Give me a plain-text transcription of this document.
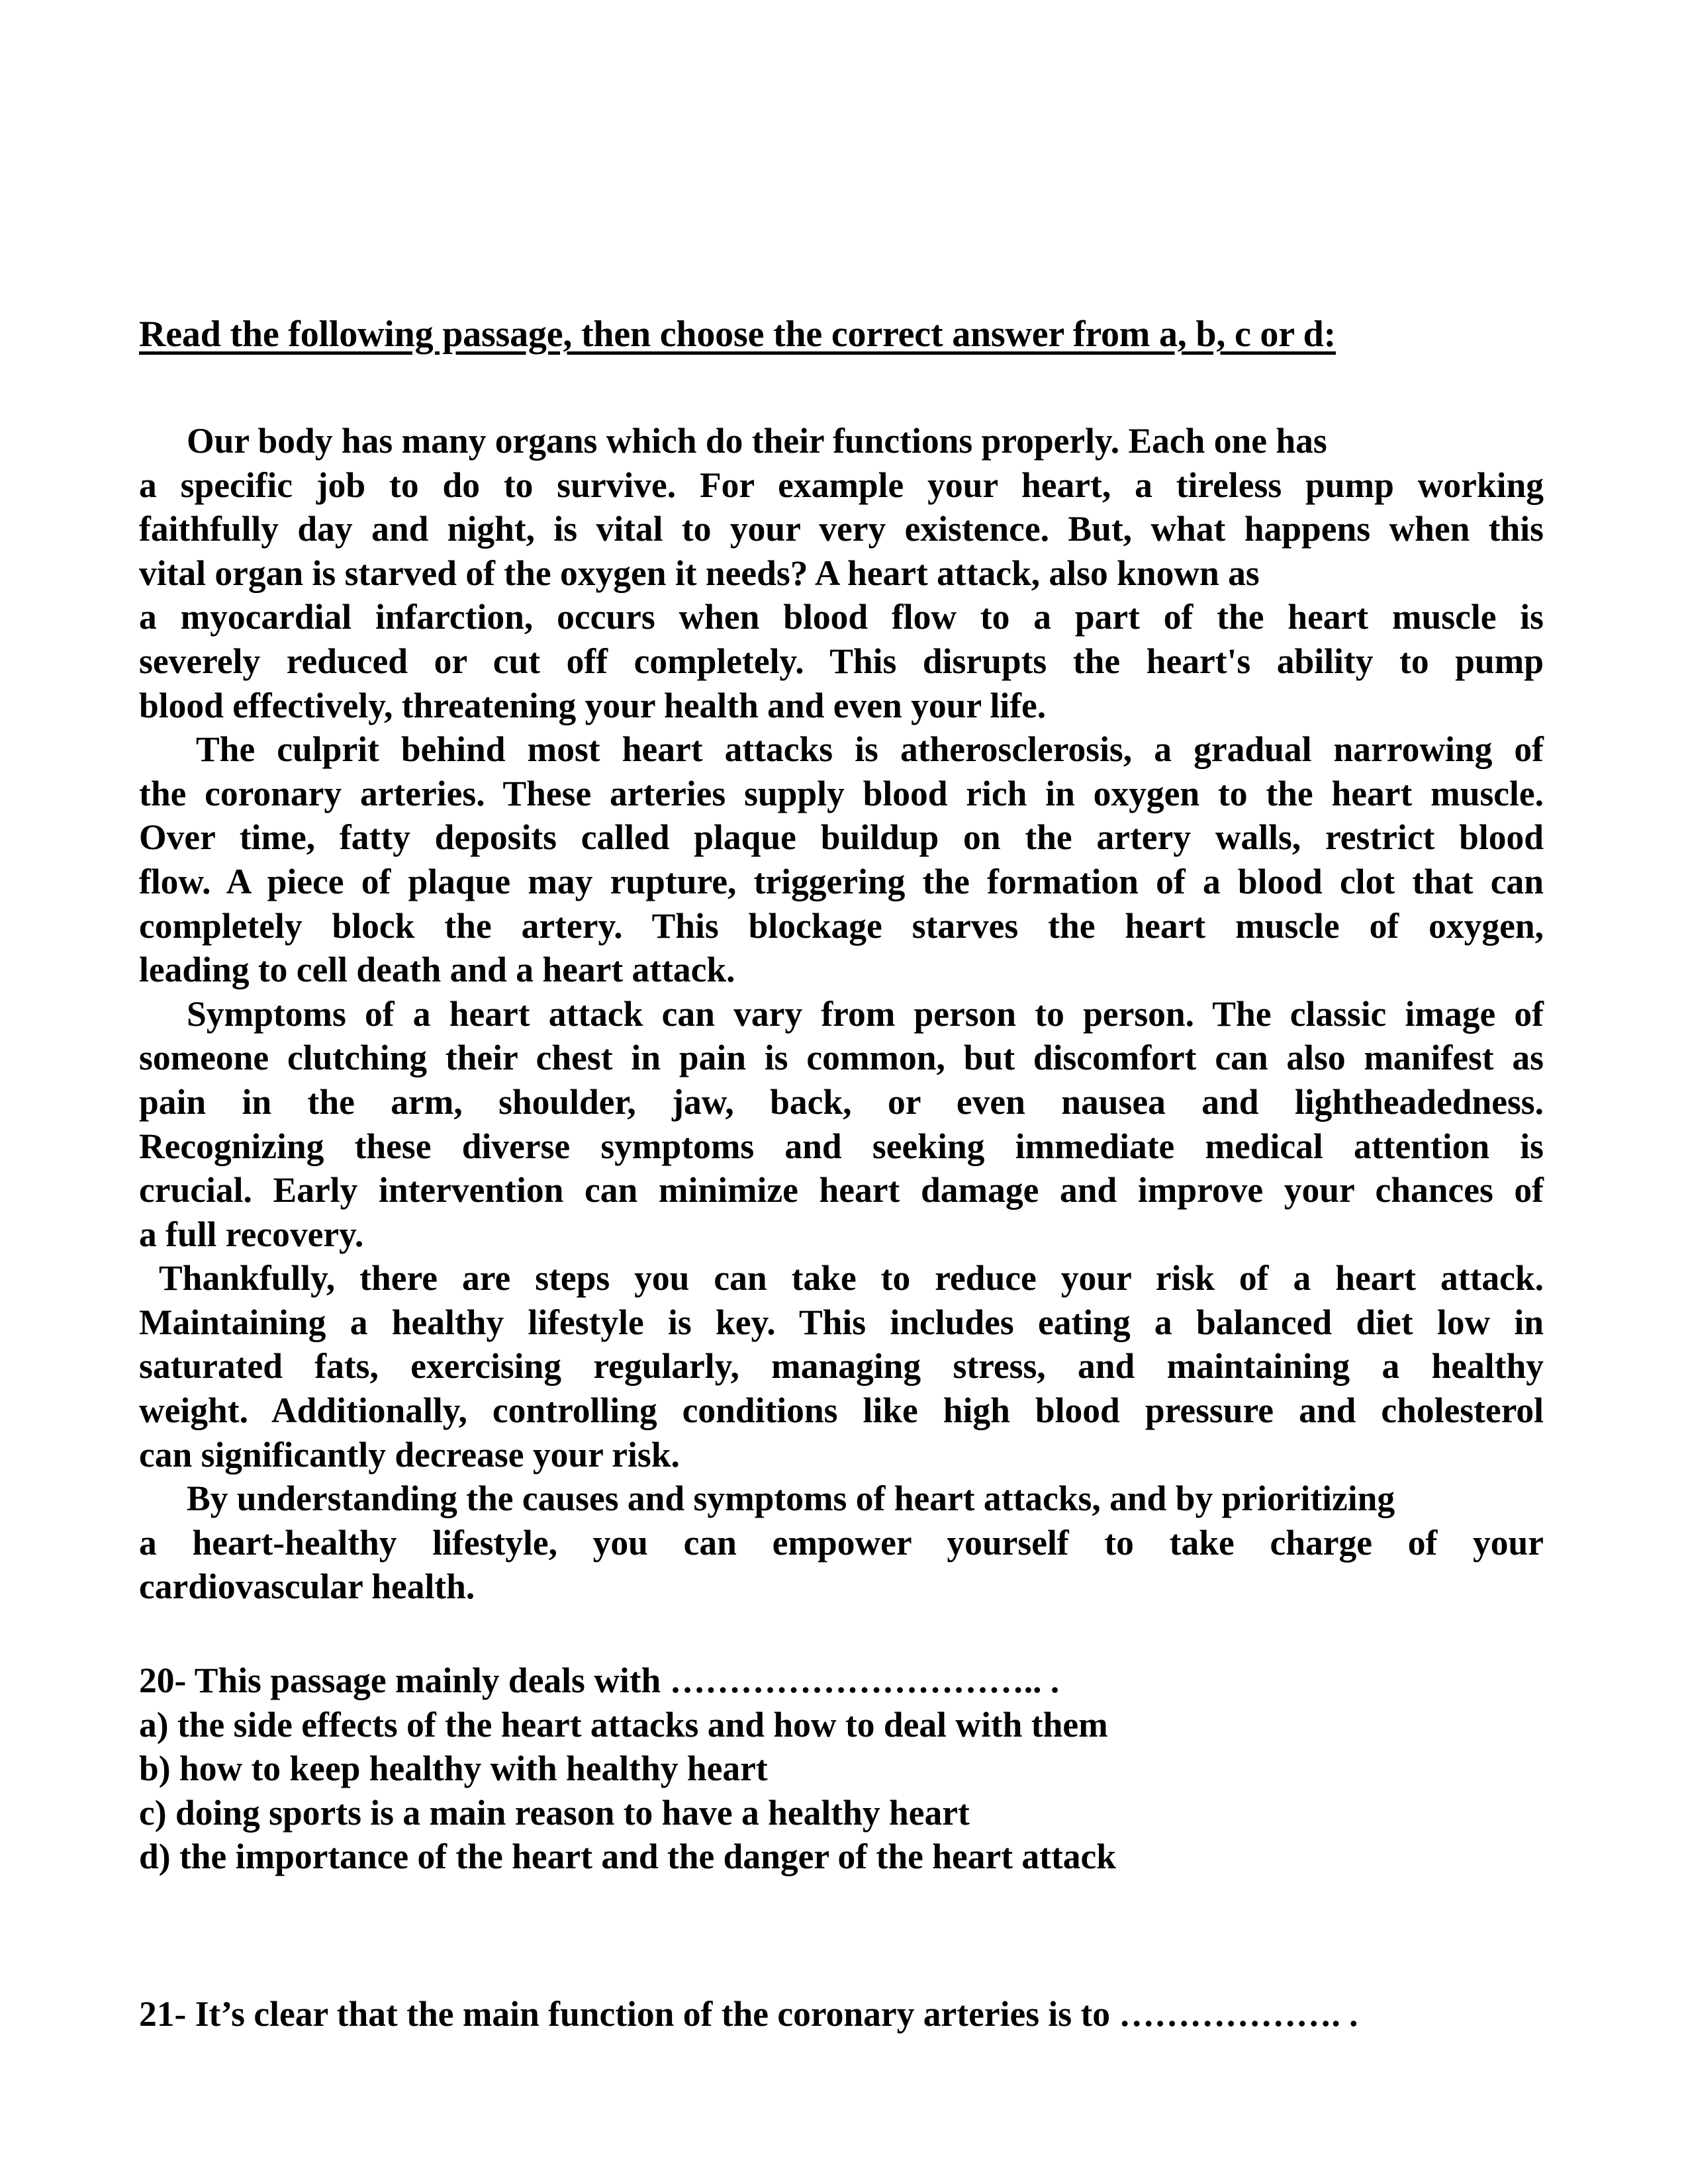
Read the following passage, then choose the correct answer from a, b, c or d:
Our body has many organs which do their functions properly. Each one has
a specific job to do to survive. For example your heart, a tireless pump working
faithfully day and night, is vital to your very existence. But, what happens when this
vital organ is starved of the oxygen it needs? A heart attack, also known as
a myocardial infarction, occurs when blood flow to a part of the heart muscle is
severely reduced or cut off completely. This disrupts the heart's ability to pump
blood effectively, threatening your health and even your life.
The culprit behind most heart attacks is atherosclerosis, a gradual narrowing of
the coronary arteries. These arteries supply blood rich in oxygen to the heart muscle.
Over time, fatty deposits called plaque buildup on the artery walls, restrict blood
flow. A piece of plaque may rupture, triggering the formation of a blood clot that can
completely block the artery. This blockage starves the heart muscle of oxygen,
leading to cell death and a heart attack.
Symptoms of a heart attack can vary from person to person. The classic image of
someone clutching their chest in pain is common, but discomfort can also manifest as
pain in the arm, shoulder, jaw, back, or even nausea and lightheadedness.
Recognizing these diverse symptoms and seeking immediate medical attention is
crucial. Early intervention can minimize heart damage and improve your chances of
a full recovery.
Thankfully, there are steps you can take to reduce your risk of a heart attack.
Maintaining a healthy lifestyle is key. This includes eating a balanced diet low in
saturated fats, exercising regularly, managing stress, and maintaining a healthy
weight. Additionally, controlling conditions like high blood pressure and cholesterol
can significantly decrease your risk.
By understanding the causes and symptoms of heart attacks, and by prioritizing
a heart-healthy lifestyle, you can empower yourself to take charge of your
cardiovascular health.
20- This passage mainly deals with ………………………….. .
a) the side effects of the heart attacks and how to deal with them
b) how to keep healthy with healthy heart
c) doing sports is a main reason to have a healthy heart
d) the importance of the heart and the danger of the heart attack
21- It’s clear that the main function of the coronary arteries is to ………………. .
